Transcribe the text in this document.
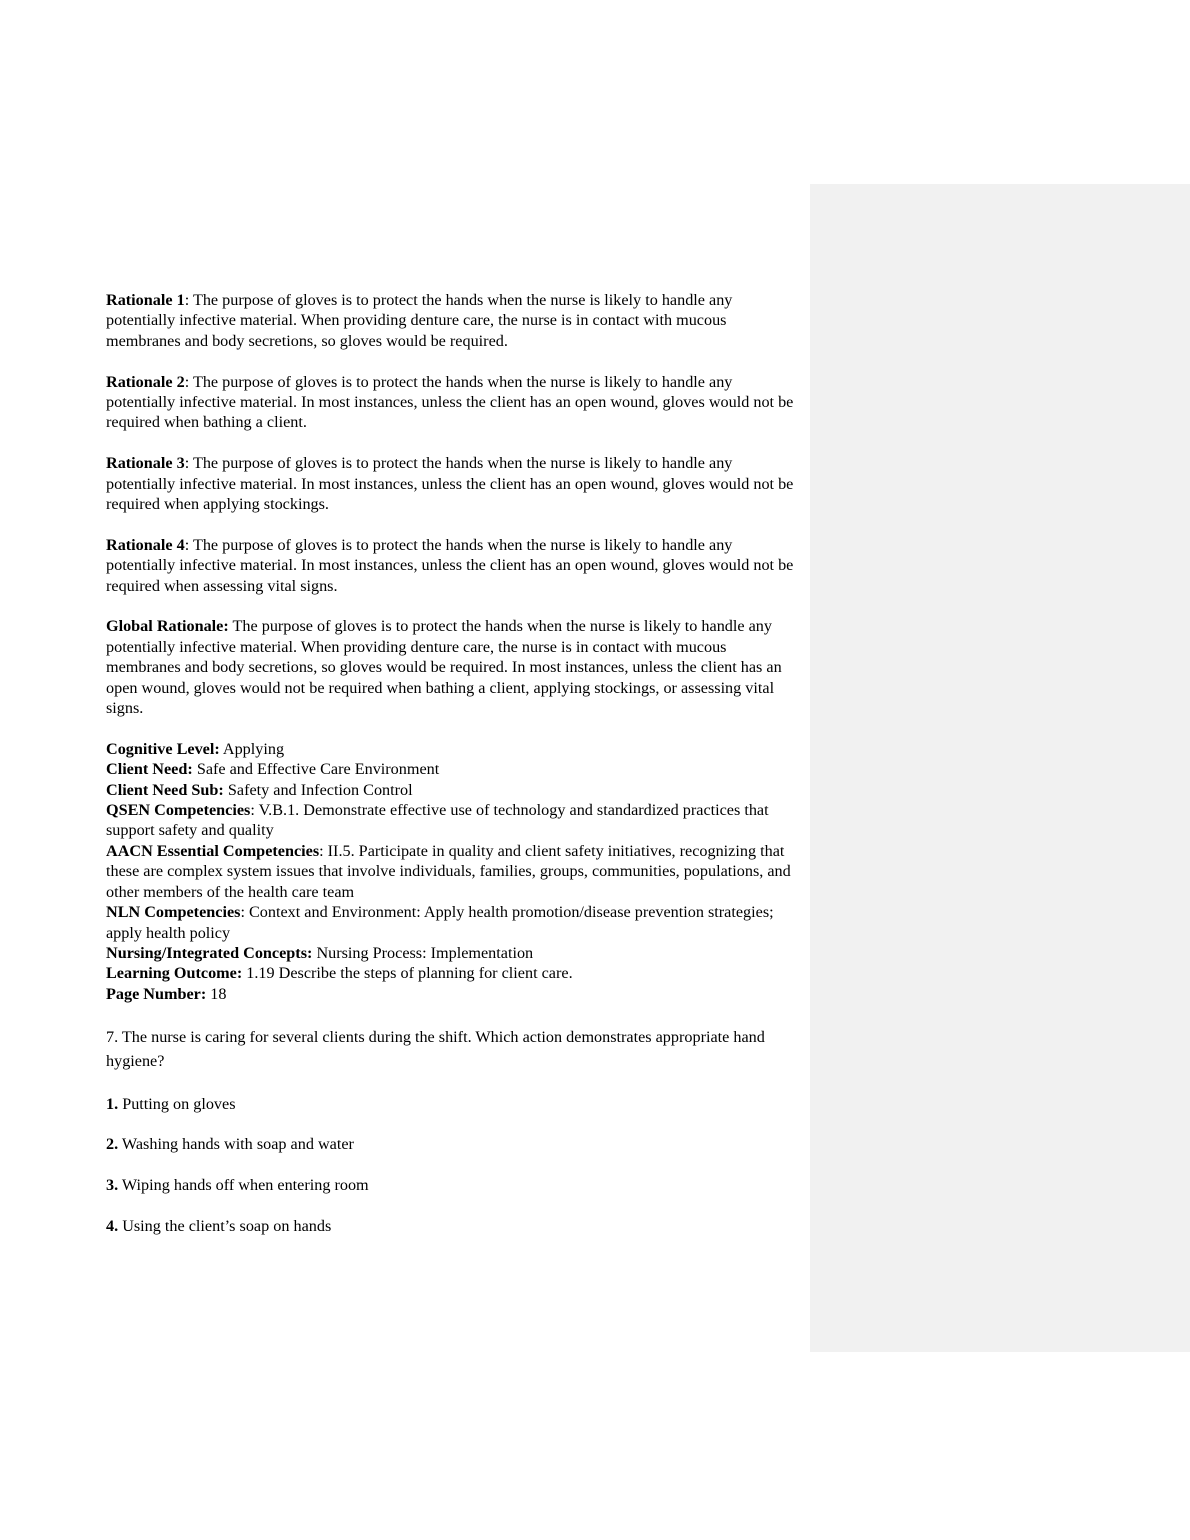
Rationale 1: The purpose of gloves is to protect the hands when the nurse is likely to handle any potentially infective material. When providing denture care, the nurse is in contact with mucous membranes and body secretions, so gloves would be required.

Rationale 2: The purpose of gloves is to protect the hands when the nurse is likely to handle any potentially infective material. In most instances, unless the client has an open wound, gloves would not be required when bathing a client.

Rationale 3: The purpose of gloves is to protect the hands when the nurse is likely to handle any potentially infective material. In most instances, unless the client has an open wound, gloves would not be required when applying stockings.

Rationale 4: The purpose of gloves is to protect the hands when the nurse is likely to handle any potentially infective material. In most instances, unless the client has an open wound, gloves would not be required when assessing vital signs.

Global Rationale: The purpose of gloves is to protect the hands when the nurse is likely to handle any potentially infective material. When providing denture care, the nurse is in contact with mucous membranes and body secretions, so gloves would be required. In most instances, unless the client has an open wound, gloves would not be required when bathing a client, applying stockings, or assessing vital signs.

Cognitive Level: Applying

Client Need: Safe and Effective Care Environment

Client Need Sub: Safety and Infection Control

QSEN Competencies: V.B.1. Demonstrate effective use of technology and standardized practices that support safety and quality

AACN Essential Competencies: II.5. Participate in quality and client safety initiatives, recognizing that these are complex system issues that involve individuals, families, groups, communities, populations, and other members of the health care team

NLN Competencies: Context and Environment: Apply health promotion/disease prevention strategies; apply health policy

Nursing/Integrated Concepts: Nursing Process: Implementation

Learning Outcome: 1.19 Describe the steps of planning for client care.

Page Number: 18

7. The nurse is caring for several clients during the shift. Which action demonstrates appropriate hand hygiene?

1. Putting on gloves

2. Washing hands with soap and water

3. Wiping hands off when entering room

4. Using the client’s soap on hands
